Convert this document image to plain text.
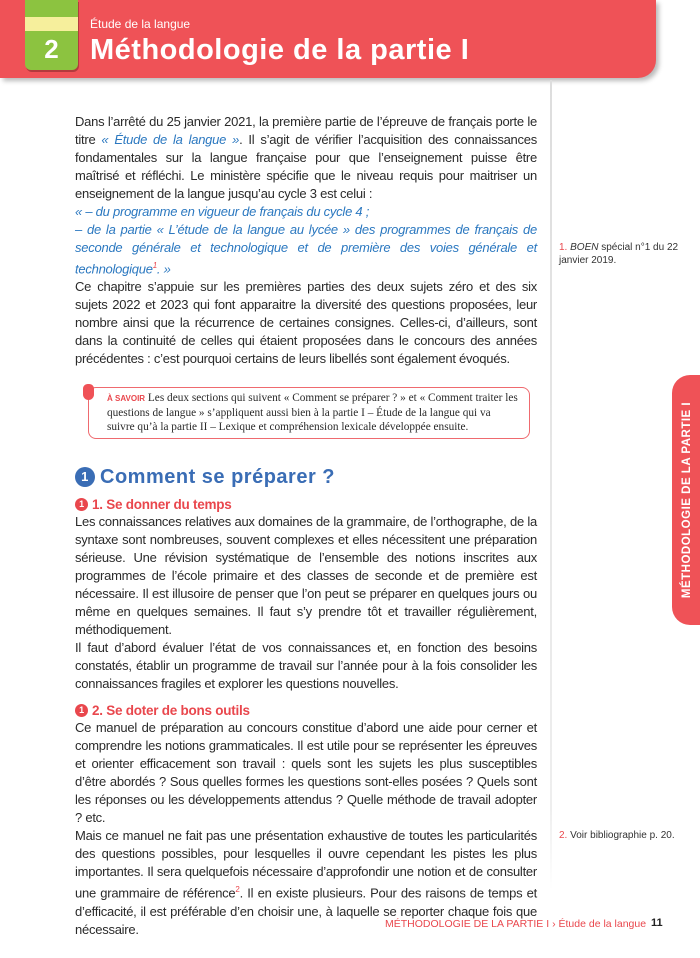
2
Étude de la langue
Méthodologie de la partie I

Dans l’arrêté du 25 janvier 2021, la première partie de l’épreuve de français porte le titre « Étude de la langue ». Il s’agit de vérifier l’acquisition des connaissances fondamentales sur la langue française pour que l’enseignement puisse être maîtrisé et réfléchi. Le ministère spécifie que le niveau requis pour maitriser un enseignement de la langue jusqu’au cycle 3 est celui :

« – du programme en vigueur de français du cycle 4 ;

– de la partie « L’étude de la langue au lycée » des programmes de français de seconde générale et technologique et de première des voies générale et technologique$^1$. »

Ce chapitre s’appuie sur les premières parties des deux sujets zéro et des six sujets 2022 et 2023 qui font apparaitre la diversité des questions proposées, leur nombre ainsi que la récurrence de certaines consignes. Celles-ci, d’ailleurs, sont dans la continuité de celles qui étaient proposées dans le concours des années précédentes : c’est pourquoi certains de leurs libellés sont également évoqués.

À SAVOIR Les deux sections qui suivent « Comment se préparer ? » et « Comment traiter les questions de langue » s’appliquent aussi bien à la partie I – Étude de la langue qui va suivre qu’à la partie II – Lexique et compréhension lexicale développée ensuite.
1 Comment se préparer ?
1 1. Se donner du temps

Les connaissances relatives aux domaines de la grammaire, de l’orthographe, de la syntaxe sont nombreuses, souvent complexes et elles nécessitent une préparation sérieuse. Une révision systématique de l’ensemble des notions inscrites aux programmes de l’école primaire et des classes de seconde et de première est nécessaire. Il est illusoire de penser que l’on peut se préparer en quelques jours ou même en quelques semaines. Il faut s’y prendre tôt et travailler régulièrement, méthodiquement.

Il faut d’abord évaluer l’état de vos connaissances et, en fonction des besoins constatés, établir un programme de travail sur l’année pour à la fois consolider les connaissances fragiles et explorer les questions nouvelles.

1 2. Se doter de bons outils

Ce manuel de préparation au concours constitue d’abord une aide pour cerner et comprendre les notions grammaticales. Il est utile pour se représenter les épreuves et orienter efficacement son travail : quels sont les sujets les plus susceptibles d’être abordés ? Sous quelles formes les questions sont-elles posées ? Quels sont les réponses ou les développements attendus ? Quelle méthode de travail adopter ? etc.

Mais ce manuel ne fait pas une présentation exhaustive de toutes les particularités des questions possibles, pour lesquelles il ouvre cependant les pistes les plus importantes. Il sera quelquefois nécessaire d’approfondir une notion et de consulter une grammaire de référence$^2$. Il en existe plusieurs. Pour des raisons de temps et d’efficacité, il est préférable d’en choisir une, à laquelle se reporter chaque fois que nécessaire.

1. BOEN spécial n°1 du 22 janvier 2019.
2. Voir bibliographie p. 20.
MÉTHODOLOGIE DE LA PARTIE I
MÉTHODOLOGIE DE LA PARTIE I › Étude de la langue 11
